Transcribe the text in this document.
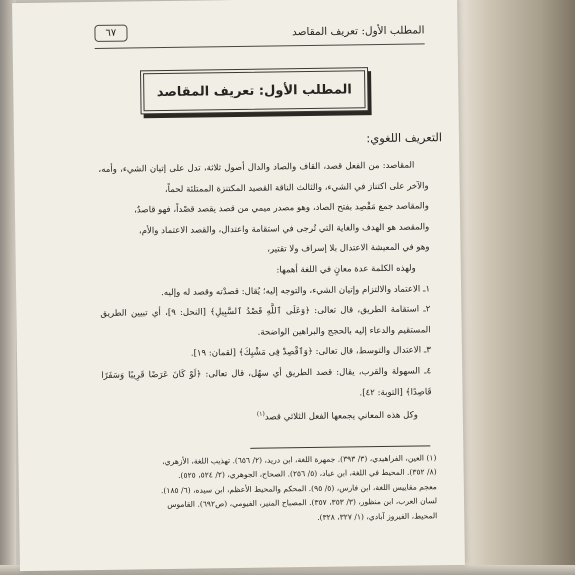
المطلب الأول: تعريف المقاصد
٦٧
المطلب الأول: تعريف المقاصد
التعريف اللغوي:
المقاصد: من الفعل قصد، القاف والصاد والدال أصول ثلاثة، تدل على إتيان الشيء، وأمه، والآخر على اكتناز في الشيء، والثالث الناقة القصيد المكتنزة الممتلئة لحماً،
والمقاصد جمع مَقْصِد بفتح الصاد، وهو مصدر ميمي من قصد يقصد قصْداً، فهو قاصدٌ،
والمقصد هو الهدف والغاية التي تُرجى في استقامة واعتدال، والقصد الاعتماد والأم،
وهو في المعيشة الاعتدال بلا إسراف ولا تقتير،
ولهذه الكلمة عدة معانٍ في اللغة أهمها:
١ـ الاعتماد والالتزام وإتيان الشيء، والتوجه إليه؛ يُقال: قصدْته وقصد له وإليه.
٢ـ استقامة الطريق، قال تعالى: ﴿وَعَلَى ٱللَّهِ قَصْدُ ٱلسَّبِيلِ﴾ [النحل: ٩]، أي تبيين الطريق المستقيم والدعاء إليه بالحجج والبراهين الواضحة.
٣ـ الاعتدال والتوسط، قال تعالى: ﴿وَٱقْصِدْ فِى مَشْيِكَ﴾ [لقمان: ١٩].
٤ـ السهولة والقرب، يقال: قصد الطريق أي سهُل، قال تعالى: ﴿لَوْ كَانَ عَرَضًا قَرِيبًا وَسَفَرًا قَاصِدًا﴾ [التوبة: ٤٢].
وكل هذه المعاني يجمعها الفعل الثلاثي قصد$^{(١)}$
(١) العين، الفراهيدي، (٣/ ٣٩٣). جمهرة اللغة، ابن دريد، (٢/ ٦٥٦). تهذيب اللغة، الأزهري،
(٨/ ٣٥٢). المحيط في اللغة، ابن عباد، (٥/ ٢٥٦). الصحاح، الجوهري، (٢/ ٥٢٤، ٥٢٥).
معجم مقاييس اللغة، ابن فارس، (٥/ ٩٥). المحكم والمحيط الأعظم، ابن سيده، (٦/ ١٨٥).
لسان العرب، ابن منظور، (٣/ ٣٥٣، ٣٥٧). المصباح المنير، الفيومي، (ص٦٩٢). القاموس
المحيط، الفيروز آبادي، (١/ ٣٢٧، ٣٢٨).
